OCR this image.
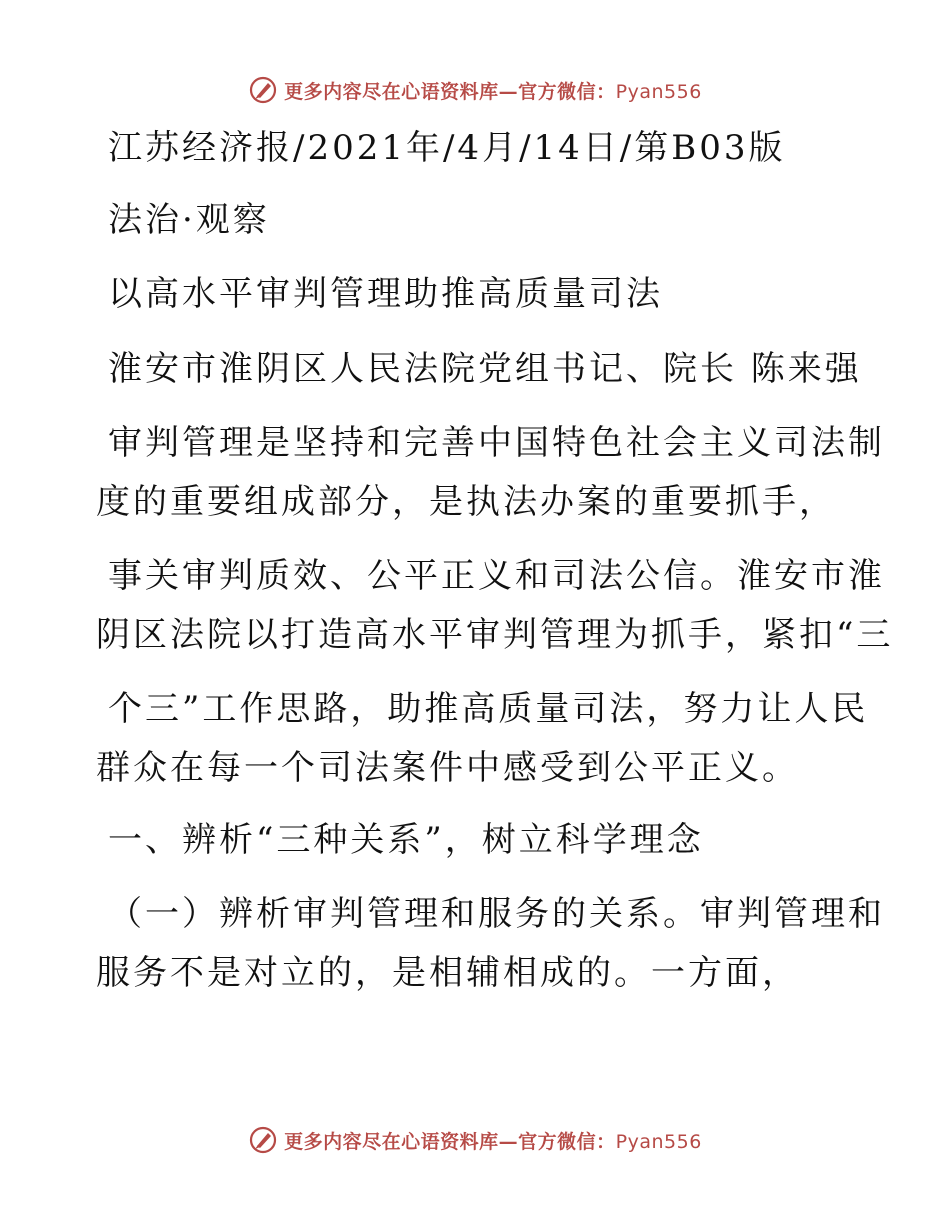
更多内容尽在心语资料库—官方微信：Pyan556
江苏经济报/2021年/4月/14日/第B03版
法治·观察
以高水平审判管理助推高质量司法
淮安市淮阴区人民法院党组书记、院长 陈来强
审判管理是坚持和完善中国特色社会主义司法制
度的重要组成部分，是执法办案的重要抓手，
事关审判质效、公平正义和司法公信。淮安市淮
阴区法院以打造高水平审判管理为抓手，紧扣“三
个三”工作思路，助推高质量司法，努力让人民
群众在每一个司法案件中感受到公平正义。
一、辨析“三种关系”，树立科学理念
（一）辨析审判管理和服务的关系。审判管理和
服务不是对立的，是相辅相成的。一方面，
更多内容尽在心语资料库—官方微信：Pyan556
